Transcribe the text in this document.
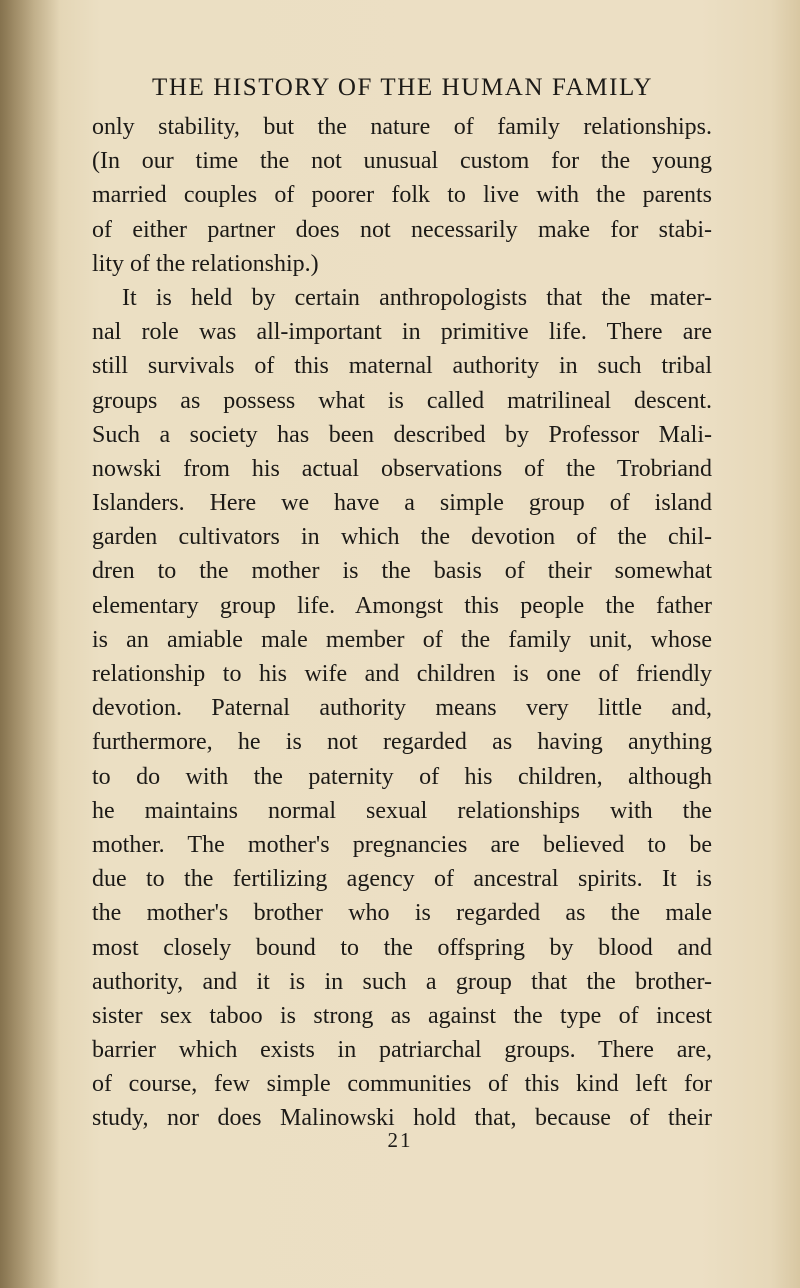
THE HISTORY OF THE HUMAN FAMILY
only stability, but the nature of family relationships.
(In our time the not unusual custom for the young
married couples of poorer folk to live with the parents
of either partner does not necessarily make for stabi-
lity of the relationship.)
It is held by certain anthropologists that the mater-
nal role was all-important in primitive life. There are
still survivals of this maternal authority in such tribal
groups as possess what is called matrilineal descent.
Such a society has been described by Professor Mali-
nowski from his actual observations of the Trobriand
Islanders. Here we have a simple group of island
garden cultivators in which the devotion of the chil-
dren to the mother is the basis of their somewhat
elementary group life. Amongst this people the father
is an amiable male member of the family unit, whose
relationship to his wife and children is one of friendly
devotion. Paternal authority means very little and,
furthermore, he is not regarded as having anything
to do with the paternity of his children, although
he maintains normal sexual relationships with the
mother. The mother's pregnancies are believed to be
due to the fertilizing agency of ancestral spirits. It is
the mother's brother who is regarded as the male
most closely bound to the offspring by blood and
authority, and it is in such a group that the brother-
sister sex taboo is strong as against the type of incest
barrier which exists in patriarchal groups. There are,
of course, few simple communities of this kind left for
study, nor does Malinowski hold that, because of their
21
